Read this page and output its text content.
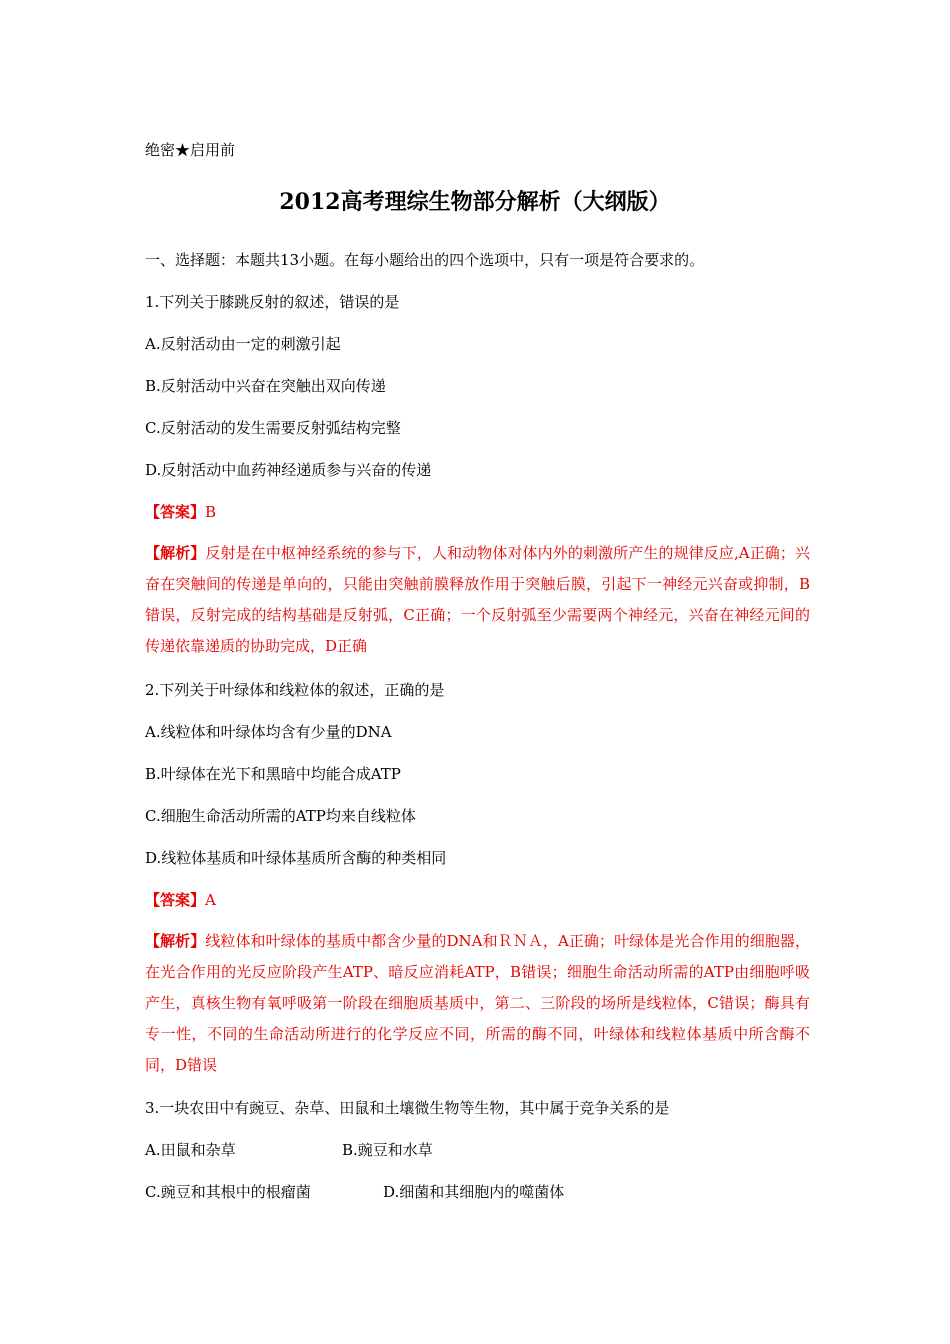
绝密★启用前
2012高考理综生物部分解析（大纲版）
一、选择题：本题共13小题。在每小题给出的四个选项中，只有一项是符合要求的。
1.下列关于膝跳反射的叙述，错误的是
A.反射活动由一定的刺激引起
B.反射活动中兴奋在突触出双向传递
C.反射活动的发生需要反射弧结构完整
D.反射活动中血药神经递质参与兴奋的传递
【答案】B
【解析】反射是在中枢神经系统的参与下，人和动物体对体内外的刺激所产生的规律反应,A正确；兴奋在突触间的传递是单向的，只能由突触前膜释放作用于突触后膜，引起下一神经元兴奋或抑制，B错误，反射完成的结构基础是反射弧，C正确；一个反射弧至少需要两个神经元，兴奋在神经元间的传递依靠递质的协助完成，D正确
2.下列关于叶绿体和线粒体的叙述，正确的是
A.线粒体和叶绿体均含有少量的DNA
B.叶绿体在光下和黑暗中均能合成ATP
C.细胞生命活动所需的ATP均来自线粒体
D.线粒体基质和叶绿体基质所含酶的种类相同
【答案】A
【解析】线粒体和叶绿体的基质中都含少量的DNA和ＲＮＡ，A正确；叶绿体是光合作用的细胞器，在光合作用的光反应阶段产生ATP、暗反应消耗ATP，B错误；细胞生命活动所需的ATP由细胞呼吸产生，真核生物有氧呼吸第一阶段在细胞质基质中，第二、三阶段的场所是线粒体，C错误；酶具有专一性，不同的生命活动所进行的化学反应不同，所需的酶不同，叶绿体和线粒体基质中所含酶不同，D错误
3.一块农田中有豌豆、杂草、田鼠和土壤微生物等生物，其中属于竞争关系的是
A.田鼠和杂草	B.豌豆和水草
C.豌豆和其根中的根瘤菌	D.细菌和其细胞内的噬菌体
